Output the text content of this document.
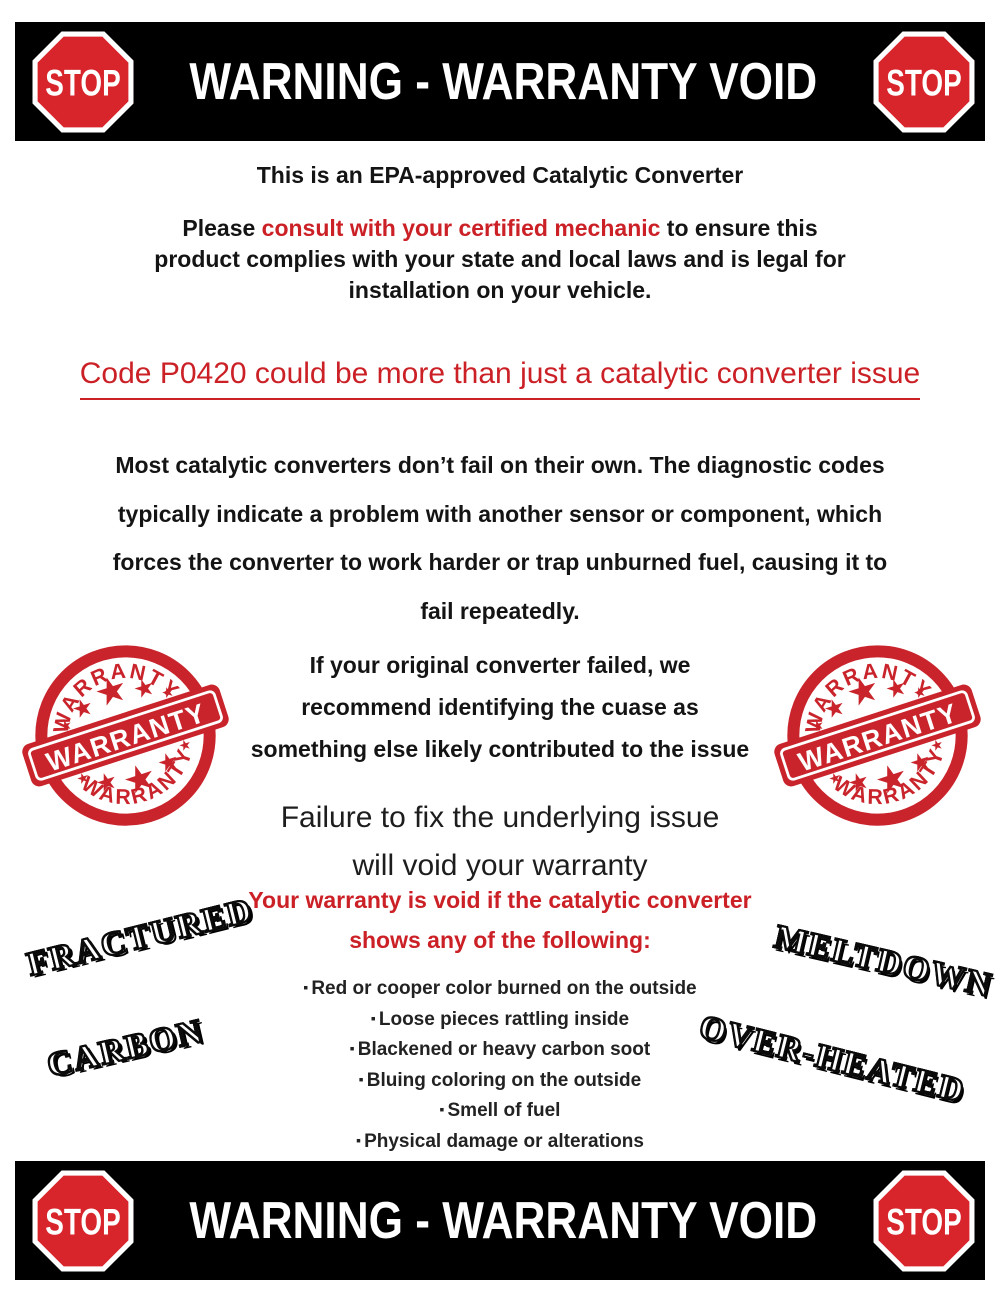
WARNING - WARRANTY VOID
This is an EPA-approved Catalytic Converter
Please consult with your certified mechanic to ensure this
product complies with your state and local laws and is legal for
installation on your vehicle.
Code P0420 could be more than just a catalytic converter issue
Most catalytic converters don’t fail on their own. The diagnostic codes
typically indicate a problem with another sensor or component, which
forces the converter to work harder or trap unburned fuel, causing it to
fail repeatedly.
If your original converter failed, we
recommend identifying the cuase as
something else likely contributed to the issue
Failure to fix the underlying issue
will void your warranty
Your warranty is void if the catalytic converter
shows any of the following:
▪ Red or cooper color burned on the outside
▪ Loose pieces rattling inside
▪ Blackened or heavy carbon soot
▪ Bluing coloring on the outside
▪ Smell of fuel
▪ Physical damage or alterations
FRACTURED
CARBON
MELTDOWN
OVER-HEATED
WARNING - WARRANTY VOID
